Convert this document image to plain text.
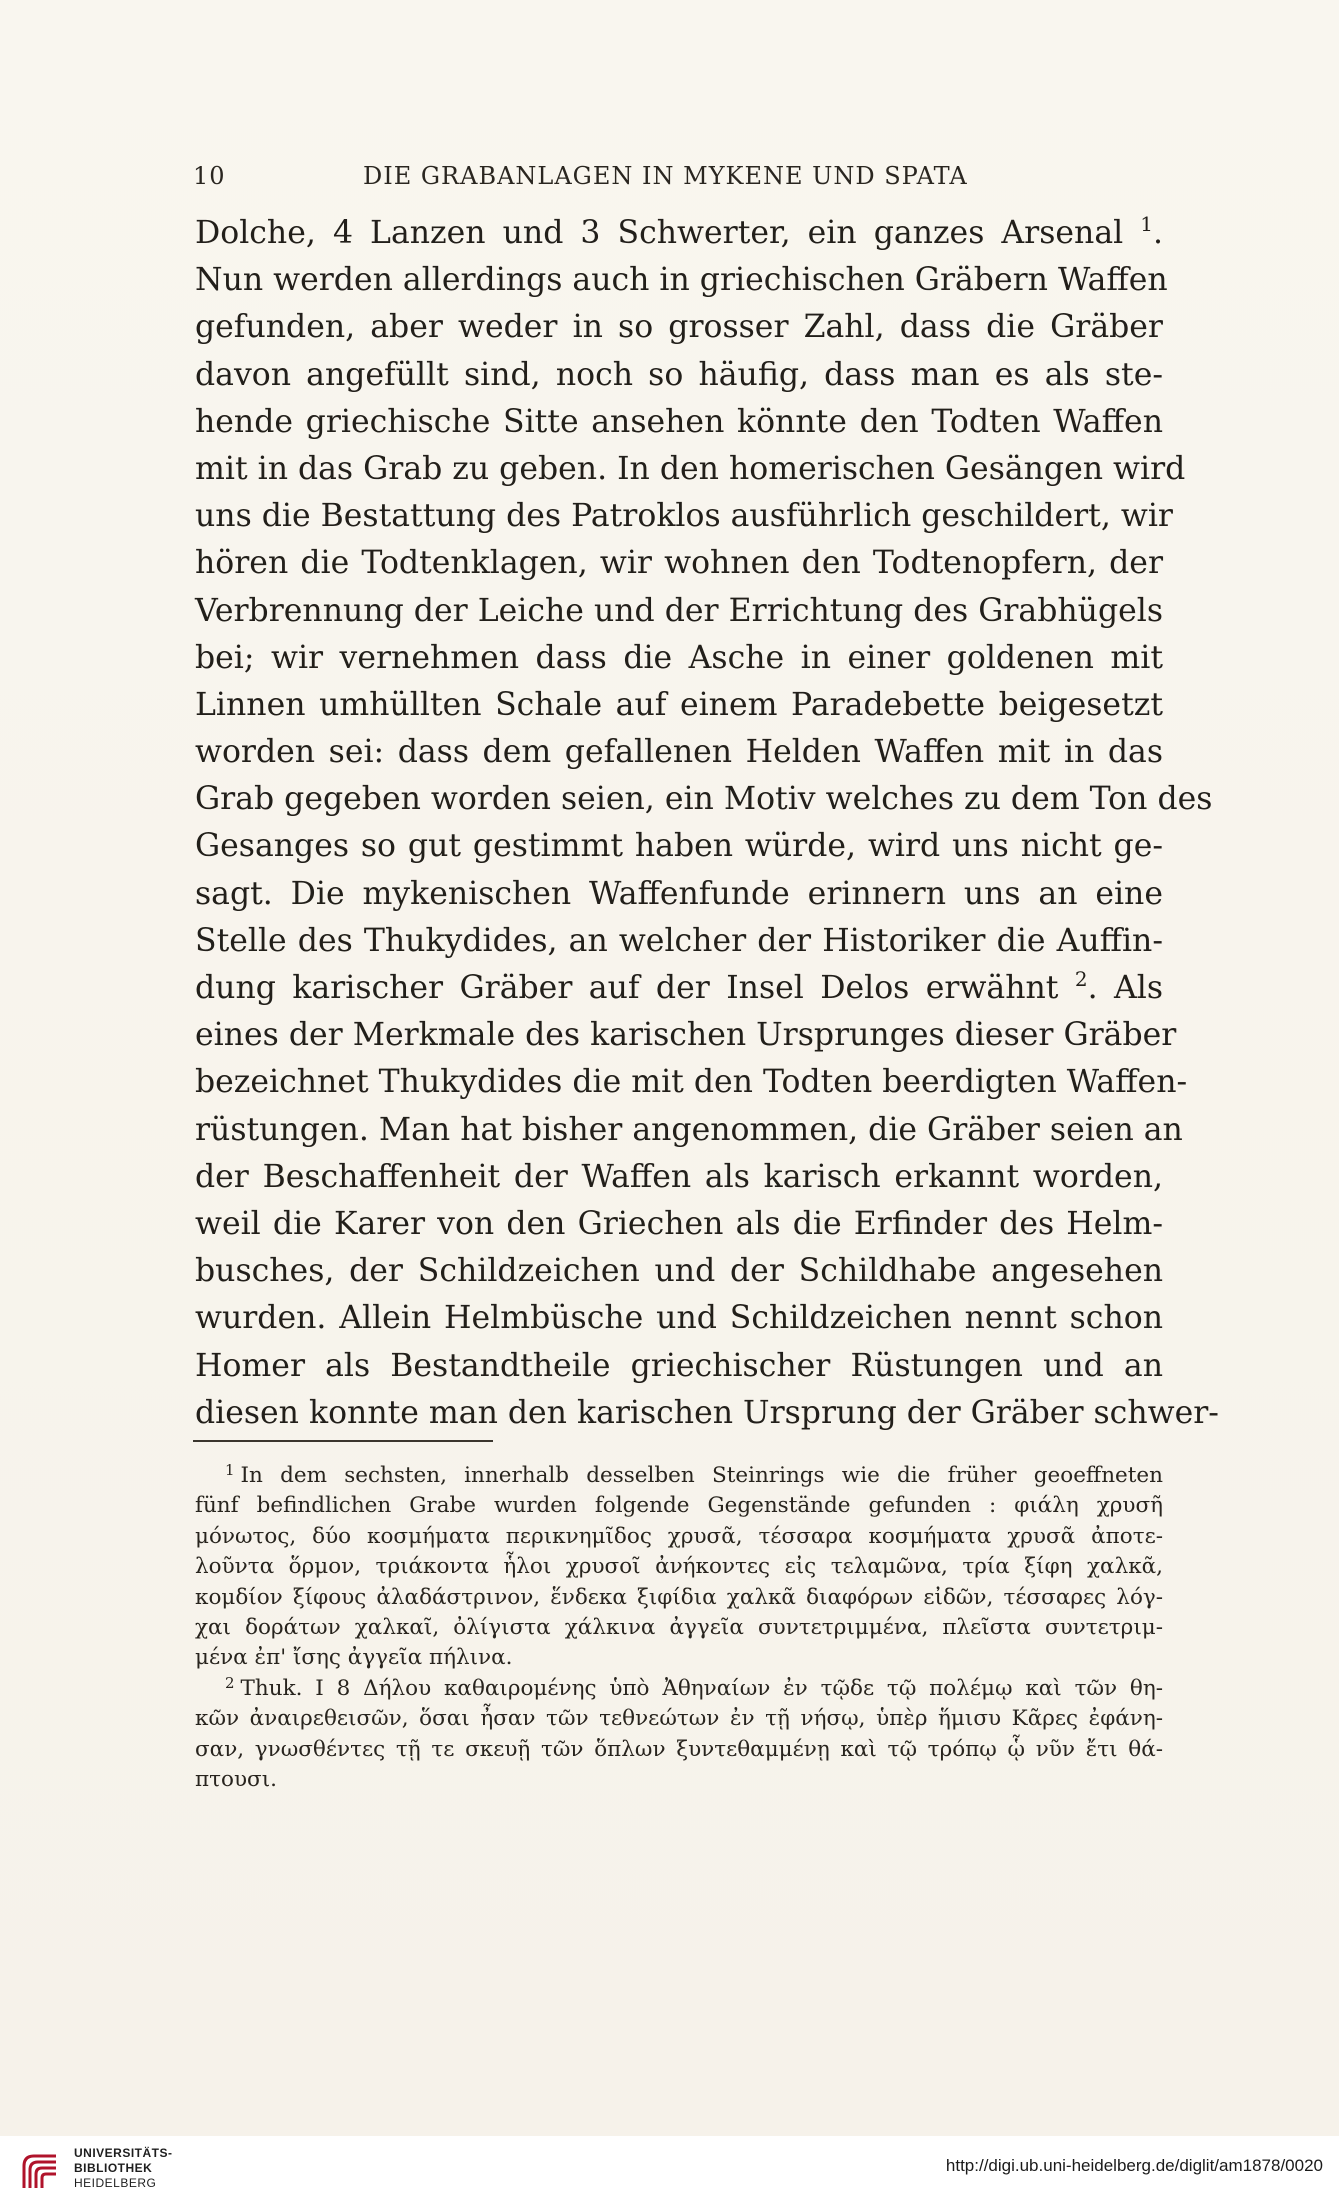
10	DIE GRABANLAGEN IN MYKENE UND SPATA
Dolche, 4 Lanzen und 3 Schwerter, ein ganzes Arsenal $^1$.
Nun werden allerdings auch in griechischen Gräbern Waffen
gefunden, aber weder in so grosser Zahl, dass die Gräber
davon angefüllt sind, noch so häufig, dass man es als ste-
hende griechische Sitte ansehen könnte den Todten Waffen
mit in das Grab zu geben. In den homerischen Gesängen wird
uns die Bestattung des Patroklos ausführlich geschildert, wir
hören die Todtenklagen, wir wohnen den Todtenopfern, der
Verbrennung der Leiche und der Errichtung des Grabhügels
bei; wir vernehmen dass die Asche in einer goldenen mit
Linnen umhüllten Schale auf einem Paradebette beigesetzt
worden sei: dass dem gefallenen Helden Waffen mit in das
Grab gegeben worden seien, ein Motiv welches zu dem Ton des
Gesanges so gut gestimmt haben würde, wird uns nicht ge-
sagt. Die mykenischen Waffenfunde erinnern uns an eine
Stelle des Thukydides, an welcher der Historiker die Auffin-
dung karischer Gräber auf der Insel Delos erwähnt $^2$. Als
eines der Merkmale des karischen Ursprunges dieser Gräber
bezeichnet Thukydides die mit den Todten beerdigten Waffen-
rüstungen. Man hat bisher angenommen, die Gräber seien an
der Beschaffenheit der Waffen als karisch erkannt worden,
weil die Karer von den Griechen als die Erfinder des Helm-
busches, der Schildzeichen und der Schildhabe angesehen
wurden. Allein Helmbüsche und Schildzeichen nennt schon
Homer als Bestandtheile griechischer Rüstungen und an
diesen konnte man den karischen Ursprung der Gräber schwer-
$^1$ In dem sechsten, innerhalb desselben Steinrings wie die früher geoeffneten
fünf befindlichen Grabe wurden folgende Gegenstände gefunden : φιάλη χρυσῆ
μόνωτος, δύο κοσμήματα περικνημῖδος χρυσᾶ, τέσσαρα κοσμήματα χρυσᾶ ἀποτε-
λοῦντα ὅρμον, τριάκοντα ἧλοι χρυσοῖ ἀνήκοντες εἰς τελαμῶνα, τρία ξίφη χαλκᾶ,
κομδίον ξίφους ἀλαδάστρινον, ἕνδεκα ξιφίδια χαλκᾶ διαφόρων εἰδῶν, τέσσαρες λόγ-
χαι δοράτων χαλκαῖ, ὀλίγιστα χάλκινα ἀγγεῖα συντετριμμένα, πλεῖστα συντετριμ-
μένα ἐπ' ἴσης ἀγγεῖα πήλινα.
$^2$ Thuk. I 8 Δήλου καθαιρομένης ὑπὸ Ἀθηναίων ἐν τῷδε τῷ πολέμῳ καὶ τῶν θη-
κῶν ἀναιρεθεισῶν, ὅσαι ἦσαν τῶν τεθνεώτων ἐν τῇ νήσῳ, ὑπὲρ ἥμισυ Κᾶρες ἐφάνη-
σαν, γνωσθέντες τῇ τε σκευῇ τῶν ὅπλων ξυντεθαμμένῃ καὶ τῷ τρόπῳ ᾧ νῦν ἔτι θά-
πτουσι.
UNIVERSITÄTS-
BIBLIOTHEK
HEIDELBERG
http://digi.ub.uni-heidelberg.de/diglit/am1878/0020
